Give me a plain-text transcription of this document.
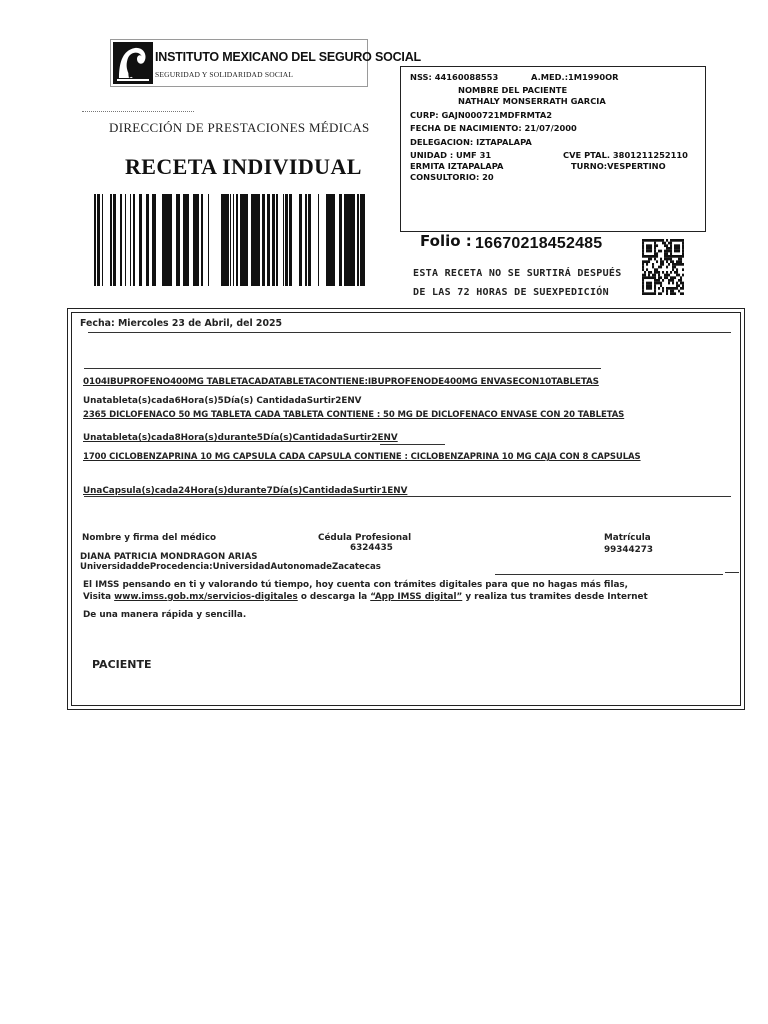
INSTITUTO MEXICANO DEL SEGURO SOCIAL
SEGURIDAD Y SOLIDARIDAD SOCIAL
DIRECCIÓN DE PRESTACIONES MÉDICAS
RECETA INDIVIDUAL
NSS: 44160088553	A.MED.:1M1990OR
NOMBRE DEL PACIENTE
NATHALY MONSERRATH GARCIA
CURP: GAJN000721MDFRMTA2
FECHA DE NACIMIENTO: 21/07/2000
DELEGACION: IZTAPALAPA
UNIDAD : UMF 31	CVE PTAL. 3801211252110
ERMITA IZTAPALAPA	TURNO:VESPERTINO
CONSULTORIO: 20
Folio : 16670218452485
ESTA RECETA NO SE SURTIRÁ DESPUÉS
DE LAS 72 HORAS DE SUEXPEDICIÓN
Fecha: Miercoles 23 de Abril, del 2025
0104IBUPROFENO400MG TABLETACADATABLETACONTIENE:IBUPROFENODE400MG ENVASECON10TABLETAS
Unatableta(s)cada6Hora(s)5Día(s) CantidadaSurtir2ENV
2365 DICLOFENACO 50 MG TABLETA CADA TABLETA CONTIENE : 50 MG DE DICLOFENACO ENVASE CON 20 TABLETAS
Unatableta(s)cada8Hora(s)durante5Día(s)CantidadaSurtir2ENV
1700 CICLOBENZAPRINA 10 MG CAPSULA CADA CAPSULA CONTIENE : CICLOBENZAPRINA 10 MG CAJA CON 8 CAPSULAS
UnaCapsula(s)cada24Hora(s)durante7Día(s)CantidadaSurtir1ENV
Nombre y firma del médico	Cédula Profesional
6324435
Matrícula
99344273
DIANA PATRICIA MONDRAGON ARIAS
UniversidaddeProcedencia:UniversidadAutonomadeZacatecas
El IMSS pensando en ti y valorando tú tiempo, hoy cuenta con trámites digitales para que no hagas más filas,
Visita www.imss.gob.mx/servicios-digitales o descarga la “App IMSS digital” y realiza tus tramites desde Internet
De una manera rápida y sencilla.
PACIENTE
